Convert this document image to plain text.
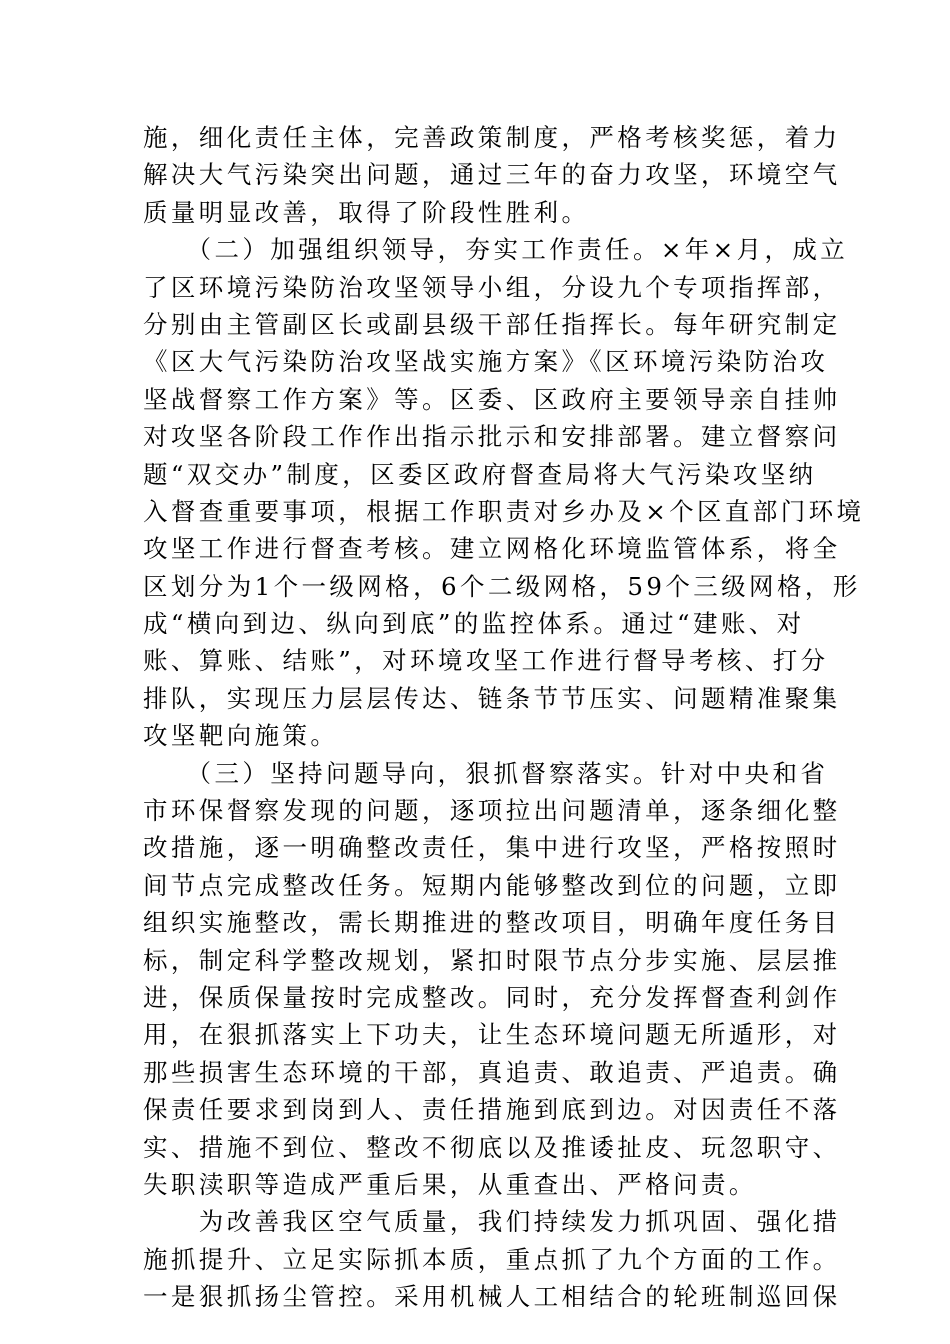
施，细化责任主体，完善政策制度，严格考核奖惩，着力
解决大气污染突出问题，通过三年的奋力攻坚，环境空气
质量明显改善，取得了阶段性胜利。
　　（二）加强组织领导，夯实工作责任。×年×月，成立
了区环境污染防治攻坚领导小组，分设九个专项指挥部，
分别由主管副区长或副县级干部任指挥长。每年研究制定
《区大气污染防治攻坚战实施方案》《区环境污染防治攻
坚战督察工作方案》等。区委、区政府主要领导亲自挂帅
对攻坚各阶段工作作出指示批示和安排部署。建立督察问
题“双交办”制度，区委区政府督查局将大气污染攻坚纳
入督查重要事项，根据工作职责对乡办及×个区直部门环境
攻坚工作进行督查考核。建立网格化环境监管体系，将全
区划分为1个一级网格，6个二级网格，59个三级网格，形
成“横向到边、纵向到底”的监控体系。通过“建账、对
账、算账、结账”，对环境攻坚工作进行督导考核、打分
排队，实现压力层层传达、链条节节压实、问题精准聚集
攻坚靶向施策。
　　（三）坚持问题导向，狠抓督察落实。针对中央和省
市环保督察发现的问题，逐项拉出问题清单，逐条细化整
改措施，逐一明确整改责任，集中进行攻坚，严格按照时
间节点完成整改任务。短期内能够整改到位的问题，立即
组织实施整改，需长期推进的整改项目，明确年度任务目
标，制定科学整改规划，紧扣时限节点分步实施、层层推
进，保质保量按时完成整改。同时，充分发挥督查利剑作
用，在狠抓落实上下功夫，让生态环境问题无所遁形，对
那些损害生态环境的干部，真追责、敢追责、严追责。确
保责任要求到岗到人、责任措施到底到边。对因责任不落
实、措施不到位、整改不彻底以及推诿扯皮、玩忽职守、
失职渎职等造成严重后果，从重查出、严格问责。
　　为改善我区空气质量，我们持续发力抓巩固、强化措
施抓提升、立足实际抓本质，重点抓了九个方面的工作。
一是狠抓扬尘管控。采用机械人工相结合的轮班制巡回保
